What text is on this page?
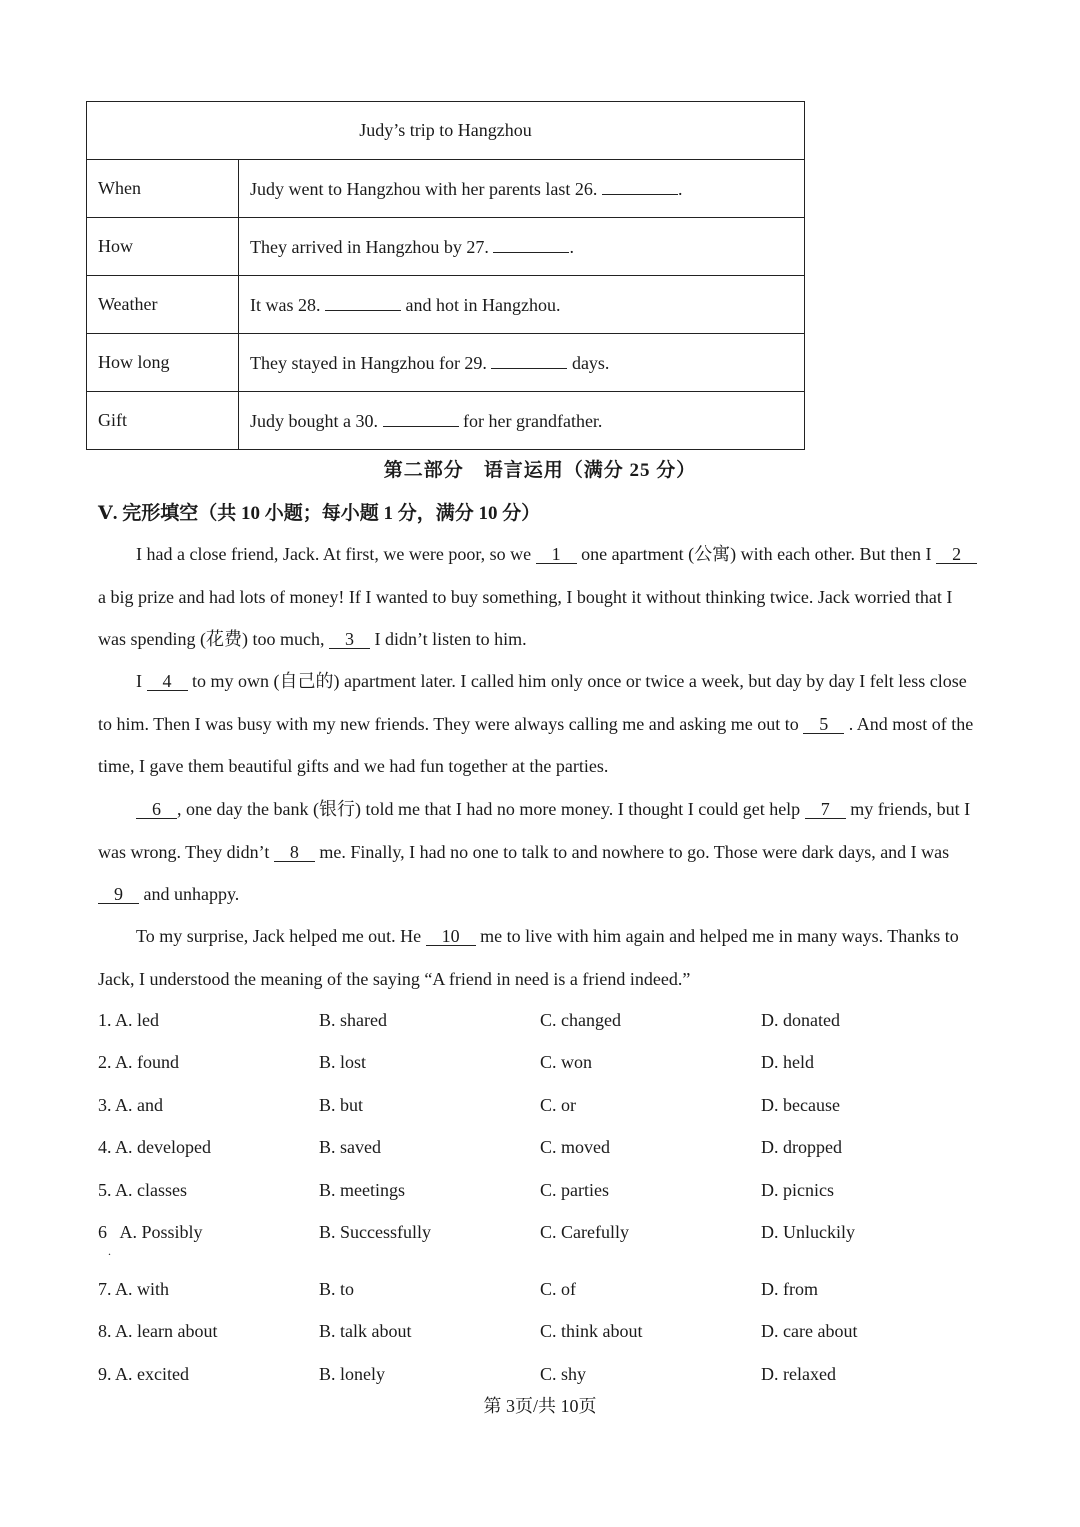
Judy’s trip to Hangzhou	
When	Judy went to Hangzhou with her parents last 26. .
How	They arrived in Hangzhou by 27. .
Weather	It was 28. and hot in Hangzhou.
How long	They stayed in Hangzhou for 29. days.
Gift	Judy bought a 30. for her grandfather.
第二部分　语言运用（满分 25 分）
Ⅴ. 完形填空（共 10 小题；每小题 1 分，满分 10 分）

I had a close friend, Jack. At first, we were poor, so we 1 one apartment (公寓) with each other. But then I 2 a big prize and had lots of money! If I wanted to buy something, I bought it without thinking twice. Jack worried that I was spending (花费) too much, 3 I didn’t listen to him.

I 4 to my own (自己的) apartment later. I called him only once or twice a week, but day by day I felt less close to him. Then I was busy with my new friends. They were always calling me and asking me out to 5 . And most of the time, I gave them beautiful gifts and we had fun together at the parties.

6 , one day the bank (银行) told me that I had no more money. I thought I could get help 7 my friends, but I was wrong. They didn’t 8 me. Finally, I had no one to talk to and nowhere to go. Those were dark days, and I was 9 and unhappy.

To my surprise, Jack helped me out. He 10 me to live with him again and helped me in many ways. Thanks to Jack, I understood the meaning of the saying “A friend in need is a friend indeed.”

1. A. led	B. shared	C. changed	D. donated
2. A. found	B. lost	C. won	D. held
3. A. and	B. but	C. or	D. because
4. A. developed	B. saved	C. moved	D. dropped
5. A. classes	B. meetings	C. parties	D. picnics
6   A. Possibly	B. Successfully	C. Carefully	D. Unluckily
.
7. A. with	B. to	C. of	D. from
8. A. learn about	B. talk about	C. think about	D. care about
9. A. excited	B. lonely	C. shy	D. relaxed
第 3页/共 10页
